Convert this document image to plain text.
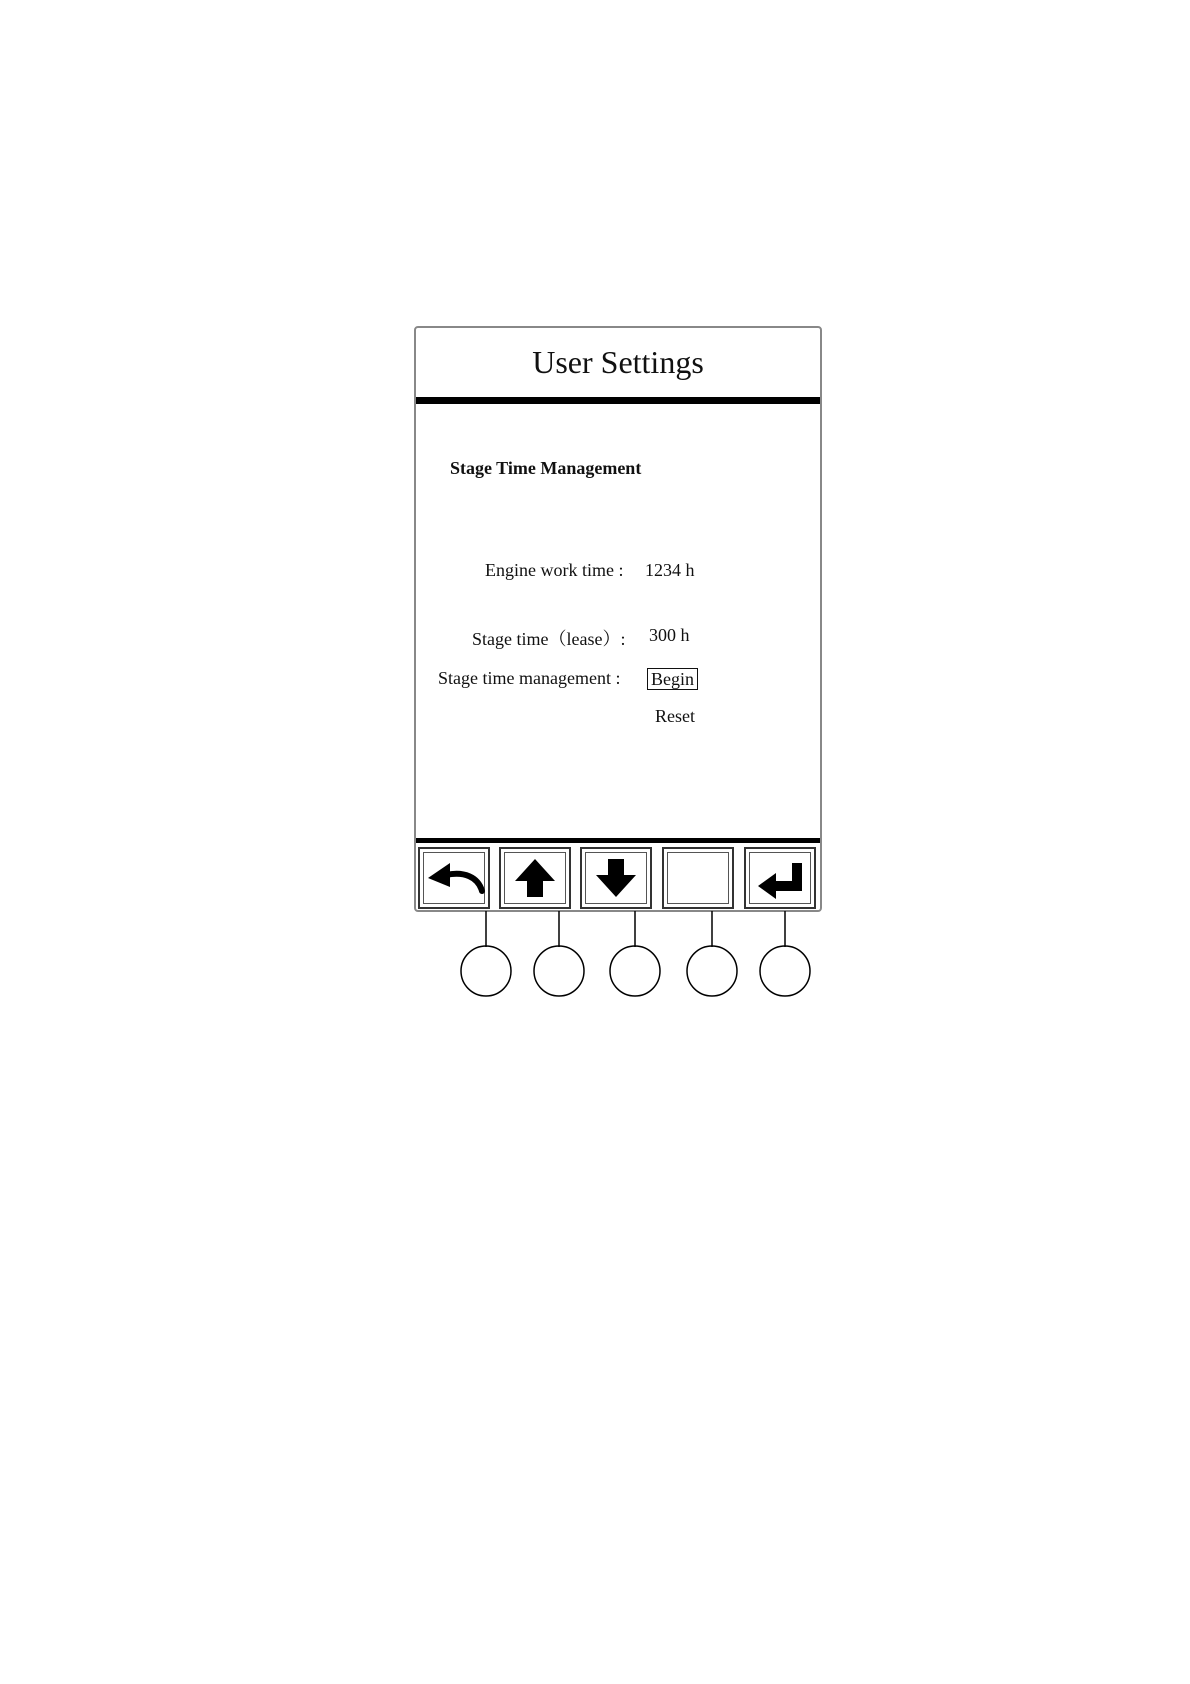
User Settings
Stage Time Management
Engine work time : 1234 h
Stage time（lease）: 300 h
Stage time management : Begin
Reset
